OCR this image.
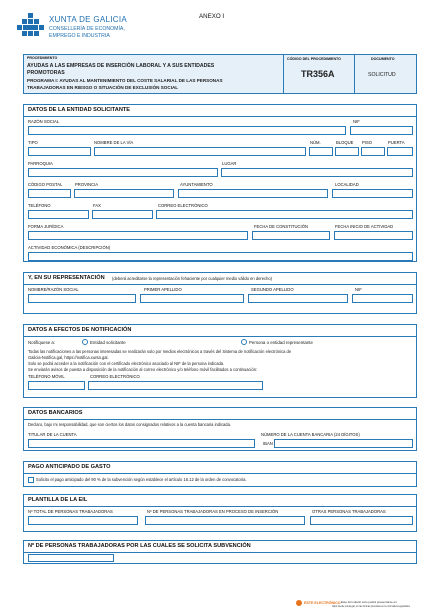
XUNTA DE GALICIA
CONSELLERÍA DE ECONOMÍA,
EMPREGO E INDUSTRIA
ANEXO I
PROCEDIMIENTO
AYUDAS A LAS EMPRESAS DE INSERCIÓN LABORAL Y A SUS ENTIDADES
PROMOTORAS
PROGRAMA I: AYUDAS AL MANTENIMIENTO DEL COSTE SALARIAL DE LAS PERSONAS
TRABAJADORAS EN RIESGO O SITUACIÓN DE EXCLUSIÓN SOCIAL
CÓDIGO DEL PROCEDIMIENTO
TR356A
DOCUMENTO
SOLICITUD
DATOS DE LA ENTIDAD SOLICITANTE
RAZÓN SOCIAL	NIF
TIPO	NOMBRE DE LA VÍA	NÚM.	BLOQUE PISO	PUERTA
PARROQUIA	LUGAR
CÓDIGO POSTAL	PROVINCIA	AYUNTAMIENTO	LOCALIDAD
TELÉFONO	FAX	CORREO ELECTRÓNICO
FORMA JURÍDICA	FECHA DE CONSTITUCIÓN	FECHA INICIO DE ACTIVIDAD
ACTIVIDAD ECONÓMICA (DESCRIPCIÓN)
Y, EN SU REPRESENTACIÓN (deberá acreditarse la representación fehaciente por cualquier medio válido en derecho)
NOMBRE/RAZÓN SOCIAL	PRIMER APELLIDO	SEGUNDO APELLIDO	NIF
DATOS A EFECTOS DE NOTIFICACIÓN
Notifíquese a:	Entidad solicitante	Persona o entidad representante
Todas las notificaciones a las personas interesadas se realizarán solo por medios electrónicos a través del Sistema de notificación electrónica de
Galicia-Notifica.gal, https://notifica.xunta.gal.
Solo se podrá acceder a la notificación con el certificado electrónico asociado al NIF de la persona indicada.
Se enviarán avisos de puesta a disposición de la notificación al correo electrónico y/o teléfono móvil facilitados a continuación:
TELÉFONO MÓVIL	CORREO ELECTRÓNICO
DATOS BANCARIOS
Declaro, bajo mi responsabilidad, que son ciertos los datos consignados relativos a la cuenta bancaria indicada.
TITULAR DE LA CUENTA	NÚMERO DE LA CUENTA BANCARIA (24 DÍGITOS)
IBAN
PAGO ANTICIPADO DE GASTO
Solicito el pago anticipado del 90 % de la subvención según establece el artículo 16.12 de la orden de convocatoria.
PLANTILLA DE LA EIL
Nº TOTAL DE PERSONAS TRABAJADORAS	Nº DE PERSONAS TRABAJADORAS EN PROCESO DE INSERCIÓN	OTRAS PERSONAS TRABAJADORAS
Nº DE PERSONAS TRABAJADORAS POR LAS CUALES SE SOLICITA SUBVENCIÓN
ESTE ELECTRÓNICO Este formulario solo podrá presentarse en
https://sede.xunta.gal, en las formas previstas en la normativa reguladora
